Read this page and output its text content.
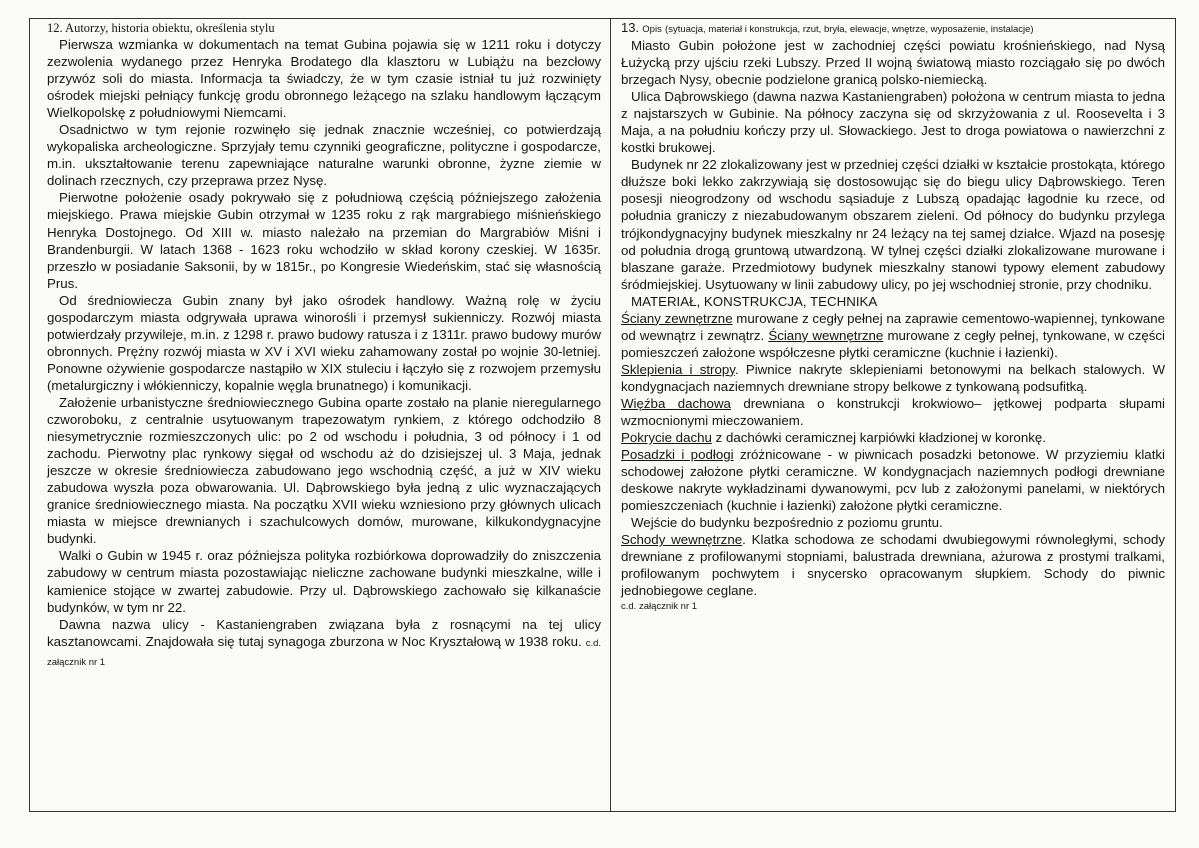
12. Autorzy, historia obiektu, określenia stylu

Pierwsza wzmianka w dokumentach na temat Gubina pojawia się w 1211 roku i dotyczy zezwolenia wydanego przez Henryka Brodatego dla klasztoru w Lubiążu na bezcłowy przywóz soli do miasta. Informacja ta świadczy, że w tym czasie istniał tu już rozwinięty ośrodek miejski pełniący funkcję grodu obronnego leżącego na szlaku handlowym łączącym Wielkopolskę z południowymi Niemcami.

Osadnictwo w tym rejonie rozwinęło się jednak znacznie wcześniej, co potwierdzają wykopaliska archeologiczne. Sprzyjały temu czynniki geograficzne, polityczne i gospodarcze, m.in. ukształtowanie terenu zapewniające naturalne warunki obronne, żyzne ziemie w dolinach rzecznych, czy przeprawa przez Nysę.

Pierwotne położenie osady pokrywało się z południową częścią późniejszego założenia miejskiego. Prawa miejskie Gubin otrzymał w 1235 roku z rąk margrabiego miśnieńskiego Henryka Dostojnego. Od XIII w. miasto należało na przemian do Margrabiów Miśni i Brandenburgii. W latach 1368 - 1623 roku wchodziło w skład korony czeskiej. W 1635r. przeszło w posiadanie Saksonii, by w 1815r., po Kongresie Wiedeńskim, stać się własnością Prus.

Od średniowiecza Gubin znany był jako ośrodek handlowy. Ważną rolę w życiu gospodarczym miasta odgrywała uprawa winorośli i przemysł sukienniczy. Rozwój miasta potwierdzały przywileje, m.in. z 1298 r. prawo budowy ratusza i z 1311r. prawo budowy murów obronnych. Prężny rozwój miasta w XV i XVI wieku zahamowany został po wojnie 30-letniej. Ponowne ożywienie gospodarcze nastąpiło w XIX stuleciu i łączyło się z rozwojem przemysłu (metalurgiczny i włókienniczy, kopalnie węgla brunatnego) i komunikacji.

Założenie urbanistyczne średniowiecznego Gubina oparte zostało na planie nieregularnego czworoboku, z centralnie usytuowanym trapezowatym rynkiem, z którego odchodziło 8 niesymetrycznie rozmieszczonych ulic: po 2 od wschodu i południa, 3 od północy i 1 od zachodu. Pierwotny plac rynkowy sięgał od wschodu aż do dzisiejszej ul. 3 Maja, jednak jeszcze w okresie średniowiecza zabudowano jego wschodnią część, a już w XIV wieku zabudowa wyszła poza obwarowania. Ul. Dąbrowskiego była jedną z ulic wyznaczających granice średniowiecznego miasta. Na początku XVII wieku wzniesiono przy głównych ulicach miasta w miejsce drewnianych i szachulcowych domów, murowane, kilkukondygnacyjne budynki.

Walki o Gubin w 1945 r. oraz późniejsza polityka rozbiórkowa doprowadziły do zniszczenia zabudowy w centrum miasta pozostawiając nieliczne zachowane budynki mieszkalne, wille i kamienice stojące w zwartej zabudowie. Przy ul. Dąbrowskiego zachowało się kilkanaście budynków, w tym nr 22.

Dawna nazwa ulicy - Kastaniengraben związana była z rosnącymi na tej ulicy kasztanowcami. Znajdowała się tutaj synagoga zburzona w Noc Kryształową w 1938 roku. c.d. załącznik nr 1

13. Opis (sytuacja, materiał i konstrukcja, rzut, bryła, elewacje, wnętrze, wyposażenie, instalacje)

Miasto Gubin położone jest w zachodniej części powiatu krośnieńskiego, nad Nysą Łużycką przy ujściu rzeki Lubszy. Przed II wojną światową miasto rozciągało się po dwóch brzegach Nysy, obecnie podzielone granicą polsko-niemiecką.

Ulica Dąbrowskiego (dawna nazwa Kastaniengraben) położona w centrum miasta to jedna z najstarszych w Gubinie. Na północy zaczyna się od skrzyżowania z ul. Roosevelta i 3 Maja, a na południu kończy przy ul. Słowackiego. Jest to droga powiatowa o nawierzchni z kostki brukowej.

Budynek nr 22 zlokalizowany jest w przedniej części działki w kształcie prostokąta, którego dłuższe boki lekko zakrzywiają się dostosowując się do biegu ulicy Dąbrowskiego. Teren posesji nieogrodzony od wschodu sąsiaduje z Lubszą opadając łagodnie ku rzece, od południa graniczy z niezabudowanym obszarem zieleni. Od północy do budynku przylega trójkondygnacyjny budynek mieszkalny nr 24 leżący na tej samej działce. Wjazd na posesję od południa drogą gruntową utwardzoną. W tylnej części działki zlokalizowane murowane i blaszane garaże. Przedmiotowy budynek mieszkalny stanowi typowy element zabudowy śródmiejskiej. Usytuowany w linii zabudowy ulicy, po jej wschodniej stronie, przy chodniku.

MATERIAŁ, KONSTRUKCJA, TECHNIKA

Ściany zewnętrzne murowane z cegły pełnej na zaprawie cementowo-wapiennej, tynkowane od wewnątrz i zewnątrz. Ściany wewnętrzne murowane z cegły pełnej, tynkowane, w części pomieszczeń założone współczesne płytki ceramiczne (kuchnie i łazienki).

Sklepienia i stropy. Piwnice nakryte sklepieniami betonowymi na belkach stalowych. W kondygnacjach naziemnych drewniane stropy belkowe z tynkowaną podsufitką.

Więźba dachowa drewniana o konstrukcji krokwiowo– jętkowej podparta słupami wzmocnionymi mieczowaniem.

Pokrycie dachu z dachówki ceramicznej karpiówki kładzionej w koronkę.

Posadzki i podłogi zróżnicowane - w piwnicach posadzki betonowe. W przyziemiu klatki schodowej założone płytki ceramiczne. W kondygnacjach naziemnych podłogi drewniane deskowe nakryte wykładzinami dywanowymi, pcv lub z założonymi panelami, w niektórych pomieszczeniach (kuchnie i łazienki) założone płytki ceramiczne.

Wejście do budynku bezpośrednio z poziomu gruntu.

Schody wewnętrzne. Klatka schodowa ze schodami dwubiegowymi równoległymi, schody drewniane z profilowanymi stopniami, balustrada drewniana, ażurowa z prostymi tralkami, profilowanym pochwytem i snycersko opracowanym słupkiem. Schody do piwnic jednobiegowe ceglane.

c.d. załącznik nr 1
